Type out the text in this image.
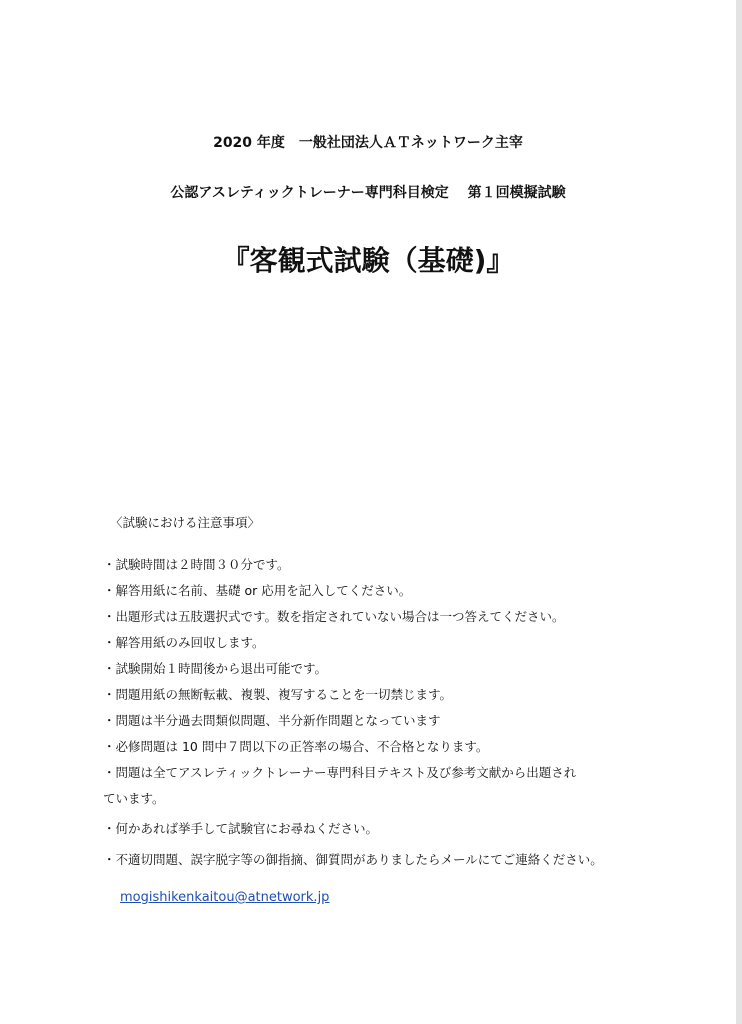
2020 年度　一般社団法人ＡＴネットワーク主宰
公認アスレティックトレーナー専門科目検定　 第１回模擬試験
『客観式試験（基礎)』
〈試験における注意事項〉
・試験時間は２時間３０分です。
・解答用紙に名前、基礎 or 応用を記入してください。
・出題形式は五肢選択式です。数を指定されていない場合は一つ答えてください。
・解答用紙のみ回収します。
・試験開始１時間後から退出可能です。
・問題用紙の無断転載、複製、複写することを一切禁じます。
・問題は半分過去問類似問題、半分新作問題となっています
・必修問題は 10 問中７問以下の正答率の場合、不合格となります。
・問題は全てアスレティックトレーナー専門科目テキスト及び参考文献から出題され
ています。
・何かあれば挙手して試験官にお尋ねください。
・不適切問題、誤字脱字等の御指摘、御質問がありましたらメールにてご連絡ください。
mogishikenkaitou@atnetwork.jp
